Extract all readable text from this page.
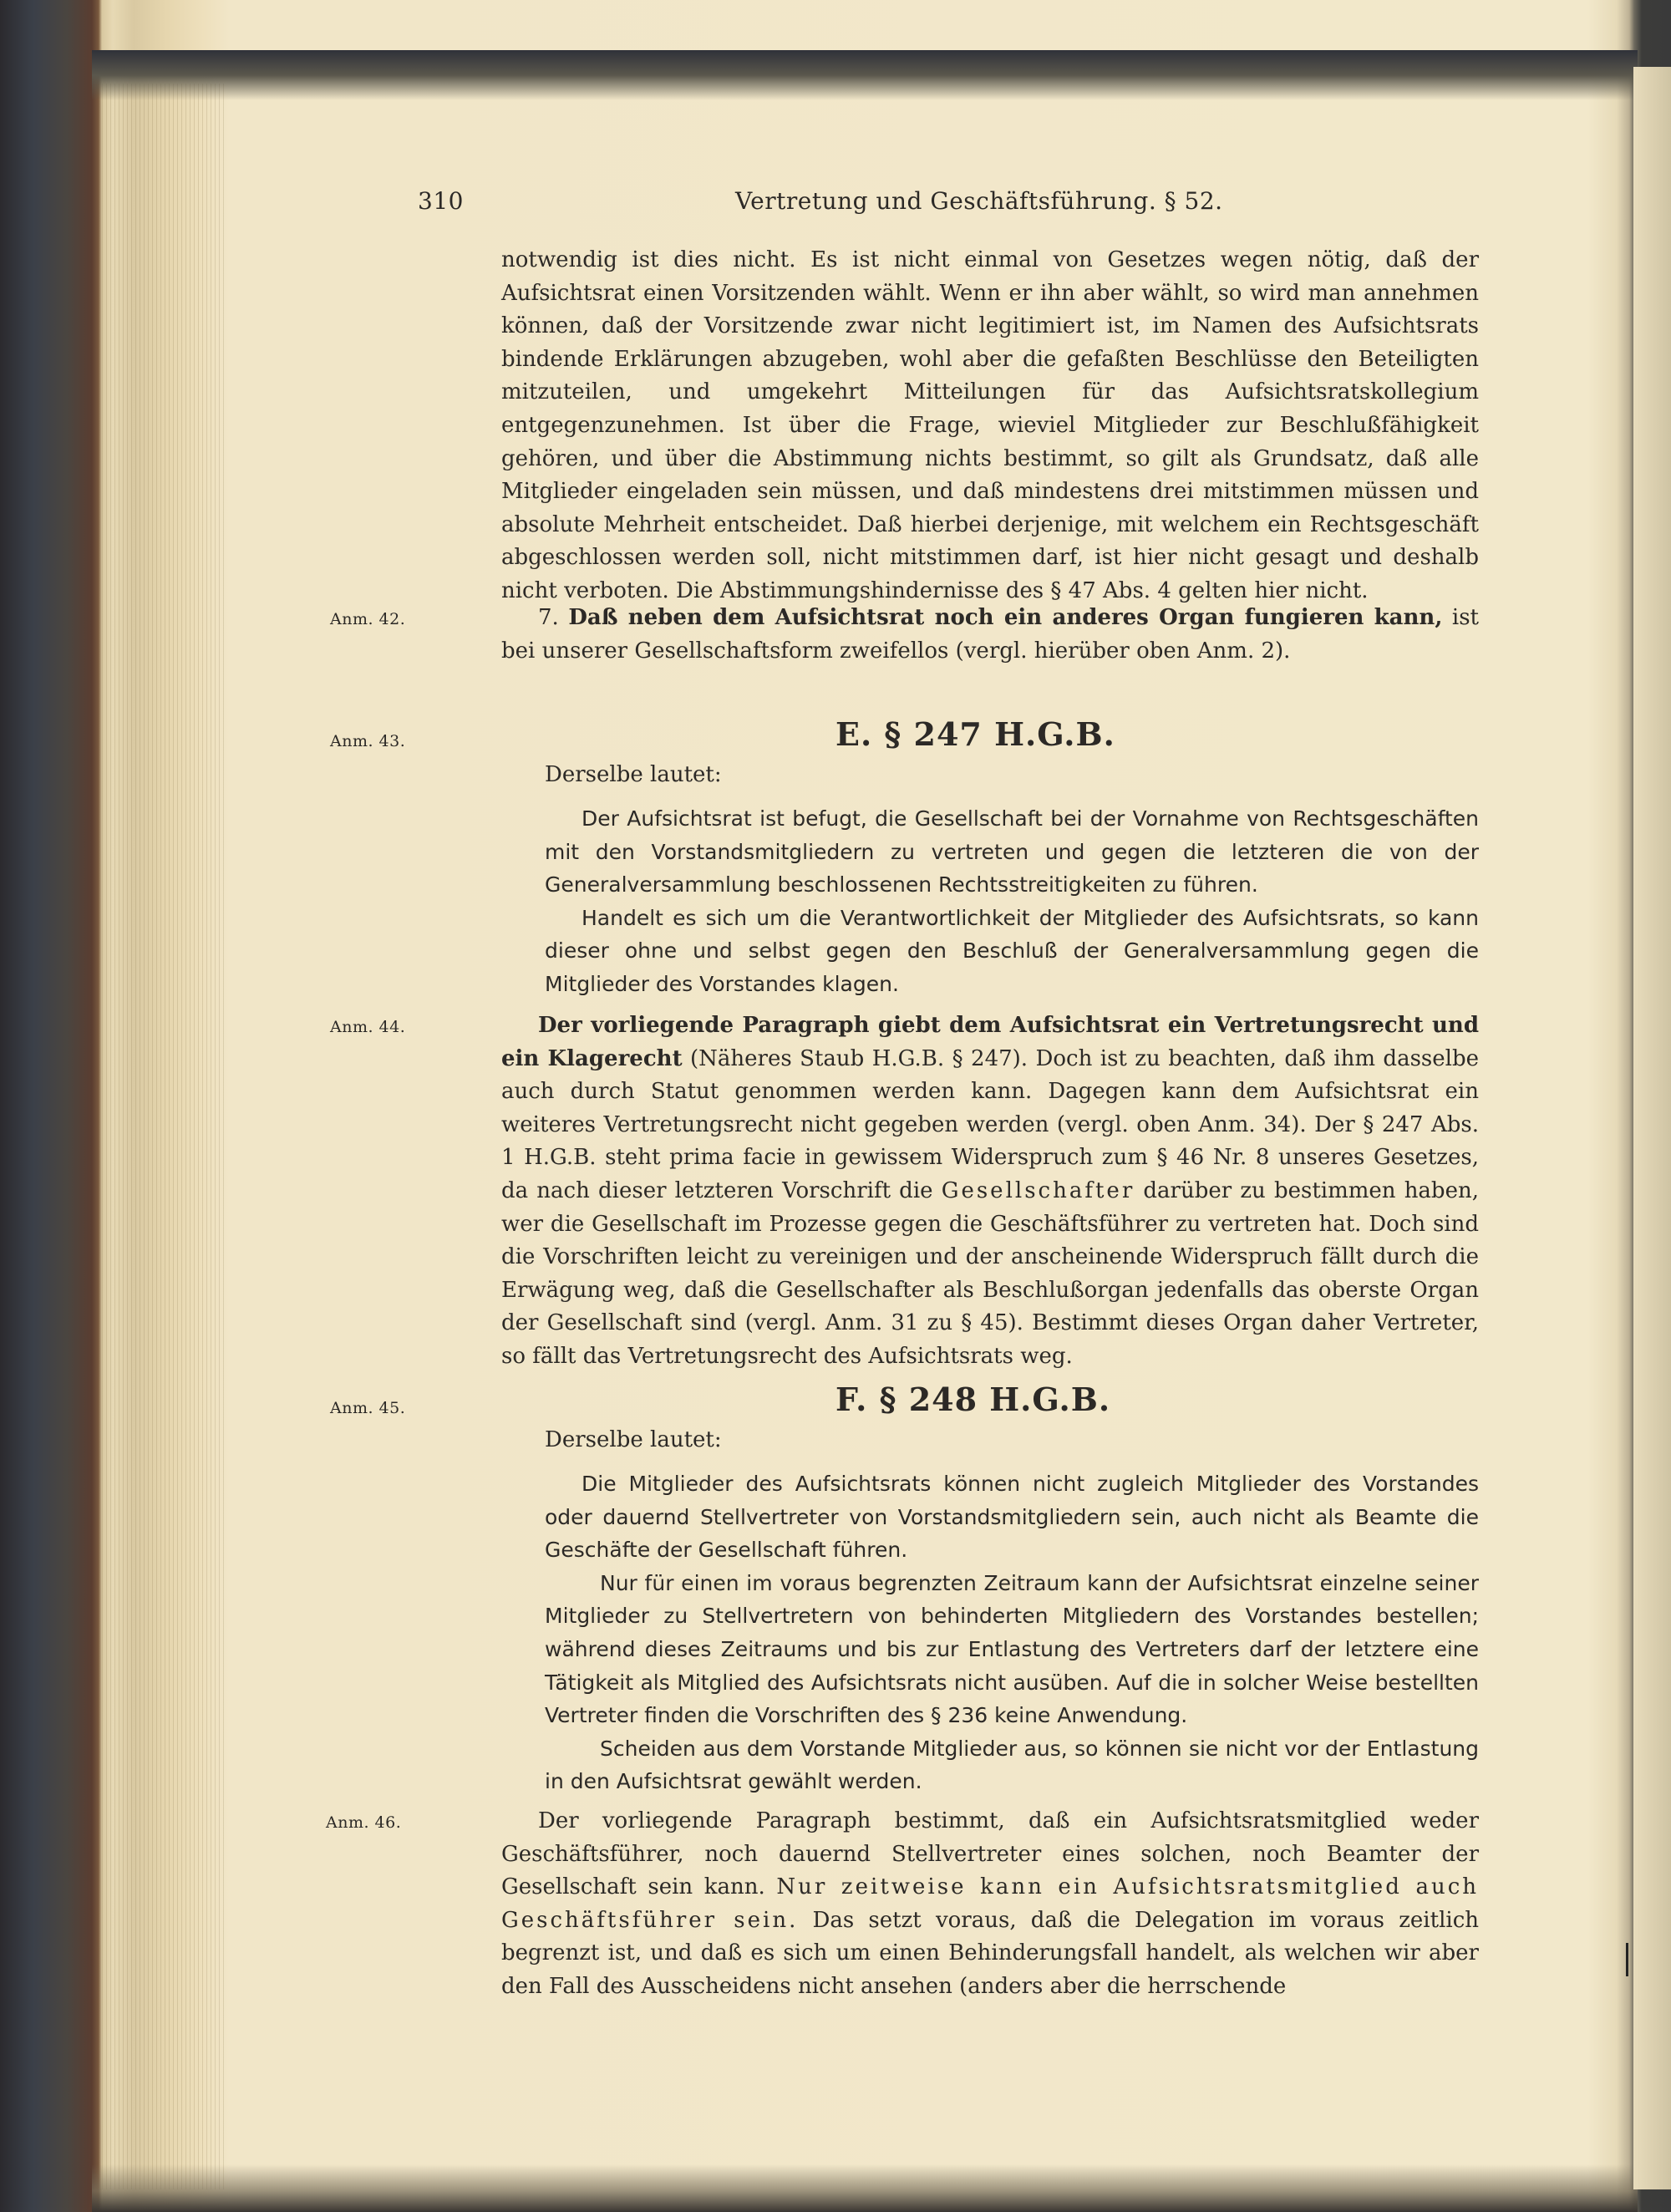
310	Vertretung und Geschäftsführung. § 52.

notwendig ist dies nicht. Es ist nicht einmal von Gesetzes wegen nötig, daß der Aufsichtsrat einen Vorsitzenden wählt. Wenn er ihn aber wählt, so wird man annehmen können, daß der Vorsitzende zwar nicht legitimiert ist, im Namen des Aufsichtsrats bindende Erklärungen abzugeben, wohl aber die gefaßten Beschlüsse den Beteiligten mitzuteilen, und umgekehrt Mitteilungen für das Aufsichtsratskollegium entgegenzunehmen. Ist über die Frage, wieviel Mitglieder zur Beschlußfähigkeit gehören, und über die Abstimmung nichts bestimmt, so gilt als Grundsatz, daß alle Mitglieder eingeladen sein müssen, und daß mindestens drei mitstimmen müssen und absolute Mehrheit entscheidet. Daß hierbei derjenige, mit welchem ein Rechtsgeschäft abgeschlossen werden soll, nicht mitstimmen darf, ist hier nicht gesagt und deshalb nicht verboten. Die Abstimmungshindernisse des § 47 Abs. 4 gelten hier nicht.

Anm. 42.	7. Daß neben dem Aufsichtsrat noch ein anderes Organ fungieren kann, ist bei unserer Gesellschaftsform zweifellos (vergl. hierüber oben Anm. 2).

Anm. 43.	E. § 247 H.G.B.

Derselbe lautet:

Der Aufsichtsrat ist befugt, die Gesellschaft bei der Vornahme von Rechtsgeschäften mit den Vorstandsmitgliedern zu vertreten und gegen die letzteren die von der Generalversammlung beschlossenen Rechtsstreitigkeiten zu führen.

Handelt es sich um die Verantwortlichkeit der Mitglieder des Aufsichtsrats, so kann dieser ohne und selbst gegen den Beschluß der Generalversammlung gegen die Mitglieder des Vorstandes klagen.

Anm. 44.	Der vorliegende Paragraph giebt dem Aufsichtsrat ein Vertretungsrecht und ein Klagerecht (Näheres Staub H.G.B. § 247). Doch ist zu beachten, daß ihm dasselbe auch durch Statut genommen werden kann. Dagegen kann dem Aufsichtsrat ein weiteres Vertretungsrecht nicht gegeben werden (vergl. oben Anm. 34). Der § 247 Abs. 1 H.G.B. steht prima facie in gewissem Widerspruch zum § 46 Nr. 8 unseres Gesetzes, da nach dieser letzteren Vorschrift die Gesellschafter darüber zu bestimmen haben, wer die Gesellschaft im Prozesse gegen die Geschäftsführer zu vertreten hat. Doch sind die Vorschriften leicht zu vereinigen und der anscheinende Widerspruch fällt durch die Erwägung weg, daß die Gesellschafter als Beschlußorgan jedenfalls das oberste Organ der Gesellschaft sind (vergl. Anm. 31 zu § 45). Bestimmt dieses Organ daher Vertreter, so fällt das Vertretungsrecht des Aufsichtsrats weg.

Anm. 45.	F. § 248 H.G.B.

Derselbe lautet:

Die Mitglieder des Aufsichtsrats können nicht zugleich Mitglieder des Vorstandes oder dauernd Stellvertreter von Vorstandsmitgliedern sein, auch nicht als Beamte die Geschäfte der Gesellschaft führen.

Nur für einen im voraus begrenzten Zeitraum kann der Aufsichtsrat einzelne seiner Mitglieder zu Stellvertretern von behinderten Mitgliedern des Vorstandes bestellen; während dieses Zeitraums und bis zur Entlastung des Vertreters darf der letztere eine Tätigkeit als Mitglied des Aufsichtsrats nicht ausüben. Auf die in solcher Weise bestellten Vertreter finden die Vorschriften des § 236 keine Anwendung.

Scheiden aus dem Vorstande Mitglieder aus, so können sie nicht vor der Entlastung in den Aufsichtsrat gewählt werden.

Anm. 46.	Der vorliegende Paragraph bestimmt, daß ein Aufsichtsratsmitglied weder Geschäftsführer, noch dauernd Stellvertreter eines solchen, noch Beamter der Gesellschaft sein kann. Nur zeitweise kann ein Aufsichtsratsmitglied auch Geschäftsführer sein. Das setzt voraus, daß die Delegation im voraus zeitlich begrenzt ist, und daß es sich um einen Behinderungsfall handelt, als welchen wir aber den Fall des Ausscheidens nicht ansehen (anders aber die herrschende
